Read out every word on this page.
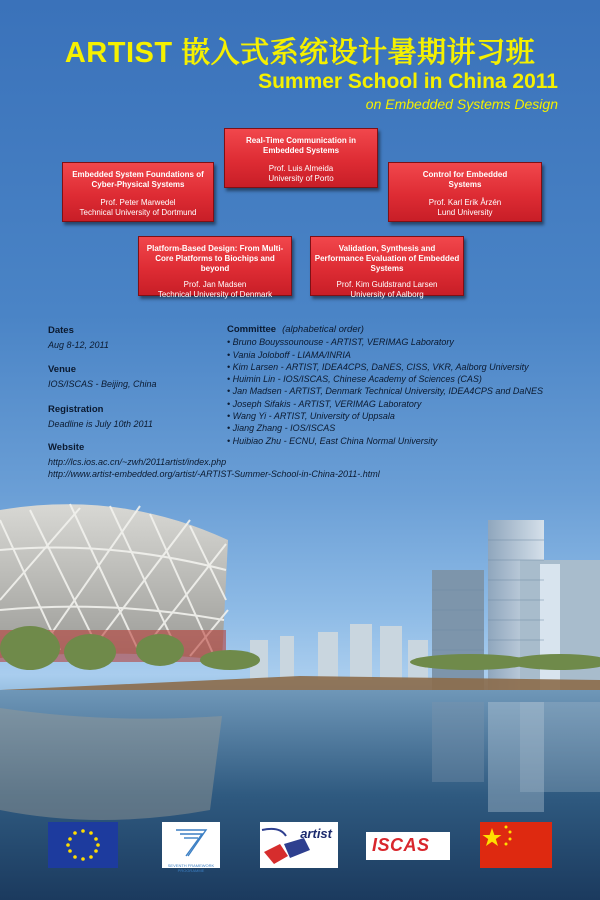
ARTIST 嵌入式系统设计暑期讲习班
Summer School in China 2011
on Embedded Systems Design
Real-Time Communication in Embedded Systems
Prof. Luis Almeida
University of Porto
Embedded System Foundations of Cyber-Physical Systems
Prof. Peter Marwedel
Technical University of Dortmund
Control for Embedded Systems
Prof. Karl Erik Årzén
Lund University
Platform-Based Design: From Multi-Core Platforms to Biochips and beyond
Prof. Jan Madsen
Technical University of Denmark
Validation, Synthesis and Performance Evaluation of Embedded Systems
Prof. Kim Guldstrand Larsen
University of Aalborg
Dates
Aug 8-12, 2011
Venue
IOS/ISCAS - Beijing, China
Registration
Deadline is July 10th 2011
Committee (alphabetical order)
• Bruno Bouyssounouse - ARTIST, VERIMAG Laboratory
• Vania Joloboff - LIAMA/INRIA
• Kim Larsen - ARTIST, IDEA4CPS, DaNES, CISS, VKR, Aalborg University
• Huimin Lin - IOS/ISCAS, Chinese Academy of Sciences (CAS)
• Jan Madsen - ARTIST, Denmark Technical University, IDEA4CPS and DaNES
• Joseph Sifakis - ARTIST, VERIMAG Laboratory
• Wang Yi - ARTIST, University of Uppsala
• Jiang Zhang - IOS/ISCAS
• Huibiao Zhu - ECNU, East China Normal University
Website
http://lcs.ios.ac.cn/~zwh/2011artist/index.php
http://www.artist-embedded.org/artist/-ARTIST-Summer-School-in-China-2011-.html
SEVENTH FRAMEWORK PROGRAMME
artist
ISCAS
